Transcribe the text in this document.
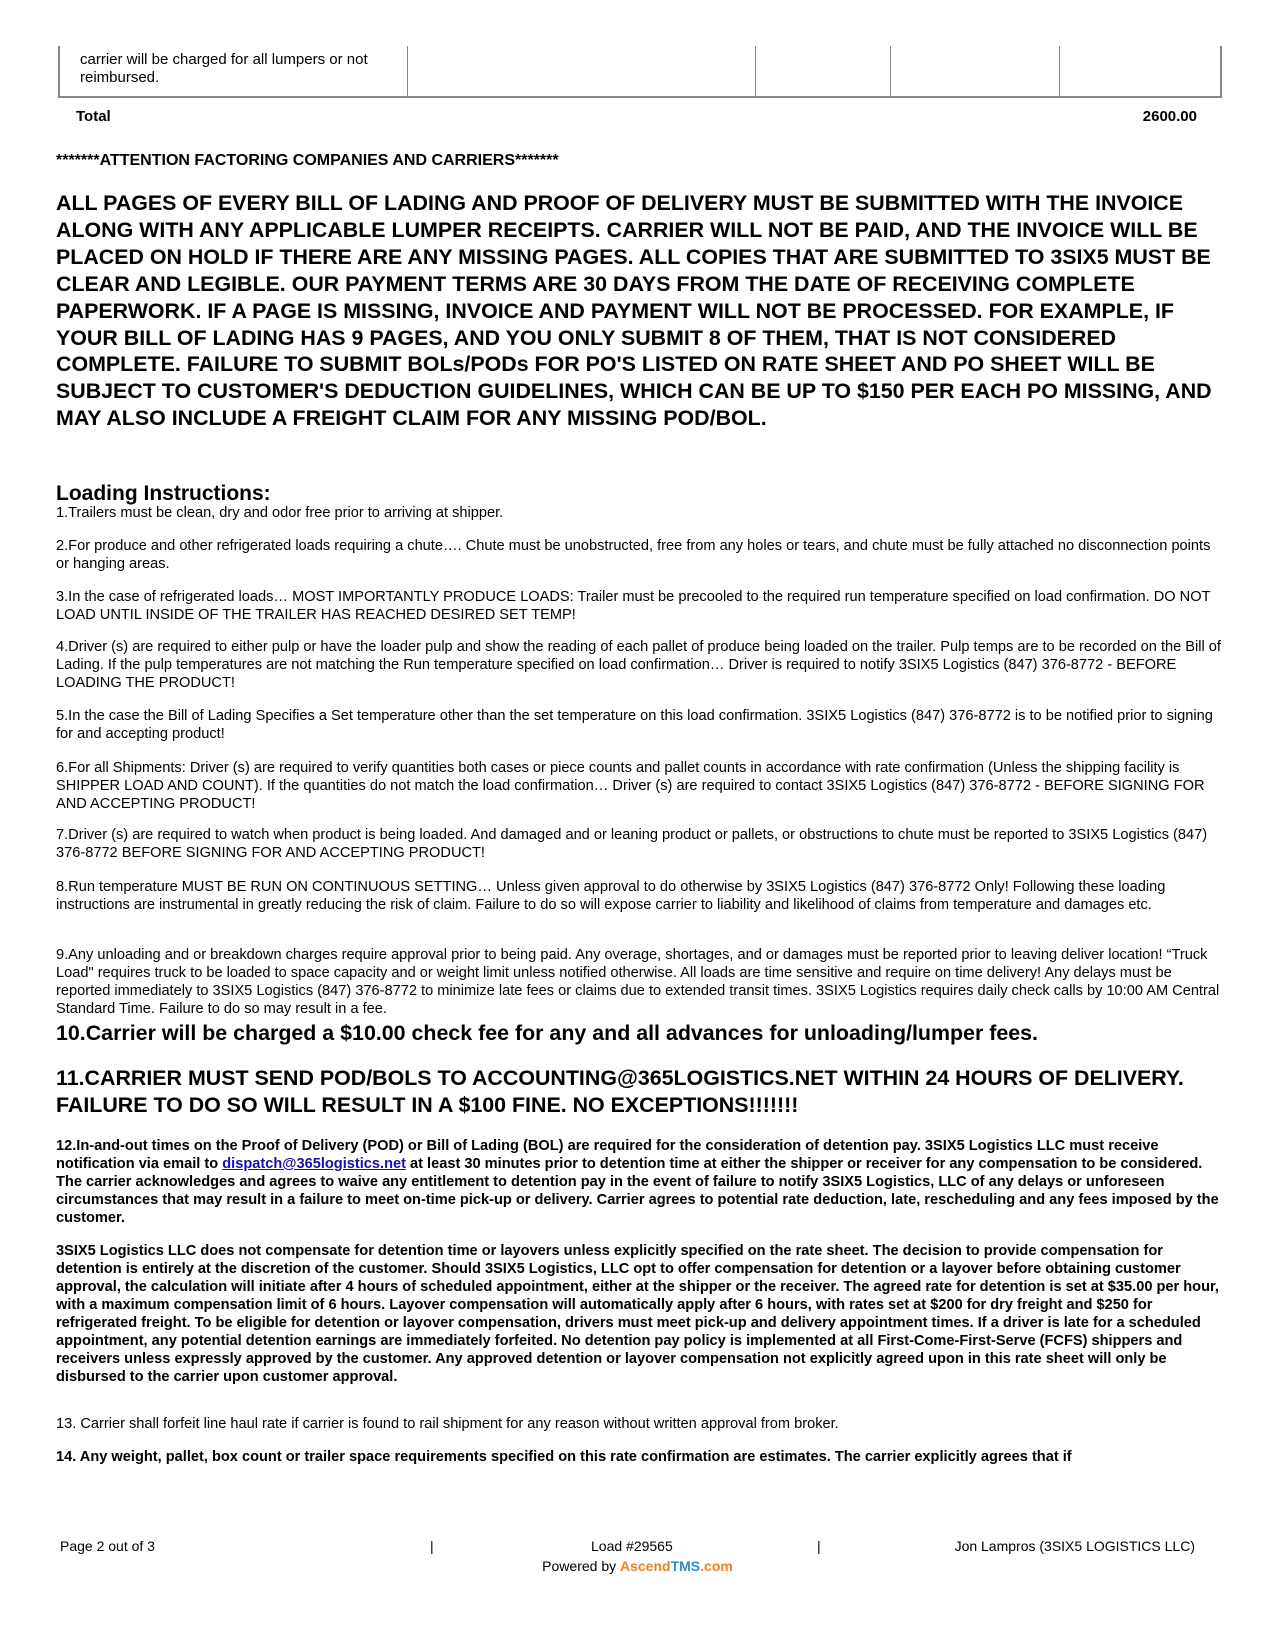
carrier will be charged for all lumpers or not reimbursed.
Total	2600.00
*******ATTENTION FACTORING COMPANIES AND CARRIERS*******
ALL PAGES OF EVERY BILL OF LADING AND PROOF OF DELIVERY MUST BE SUBMITTED WITH THE INVOICE ALONG WITH ANY APPLICABLE LUMPER RECEIPTS. CARRIER WILL NOT BE PAID, AND THE INVOICE WILL BE PLACED ON HOLD IF THERE ARE ANY MISSING PAGES. ALL COPIES THAT ARE SUBMITTED TO 3SIX5 MUST BE CLEAR AND LEGIBLE. OUR PAYMENT TERMS ARE 30 DAYS FROM THE DATE OF RECEIVING COMPLETE PAPERWORK. IF A PAGE IS MISSING, INVOICE AND PAYMENT WILL NOT BE PROCESSED. FOR EXAMPLE, IF YOUR BILL OF LADING HAS 9 PAGES, AND YOU ONLY SUBMIT 8 OF THEM, THAT IS NOT CONSIDERED COMPLETE. FAILURE TO SUBMIT BOLs/PODs FOR PO'S LISTED ON RATE SHEET AND PO SHEET WILL BE SUBJECT TO CUSTOMER'S DEDUCTION GUIDELINES, WHICH CAN BE UP TO $150 PER EACH PO MISSING, AND MAY ALSO INCLUDE A FREIGHT CLAIM FOR ANY MISSING POD/BOL.
Loading Instructions:
1.Trailers must be clean, dry and odor free prior to arriving at shipper.
2.For produce and other refrigerated loads requiring a chute…. Chute must be unobstructed, free from any holes or tears, and chute must be fully attached no disconnection points or hanging areas.
3.In the case of refrigerated loads… MOST IMPORTANTLY PRODUCE LOADS: Trailer must be precooled to the required run temperature specified on load confirmation. DO NOT LOAD UNTIL INSIDE OF THE TRAILER HAS REACHED DESIRED SET TEMP!
4.Driver (s) are required to either pulp or have the loader pulp and show the reading of each pallet of produce being loaded on the trailer. Pulp temps are to be recorded on the Bill of Lading. If the pulp temperatures are not matching the Run temperature specified on load confirmation… Driver is required to notify 3SIX5 Logistics (847) 376-8772 - BEFORE LOADING THE PRODUCT!
5.In the case the Bill of Lading Specifies a Set temperature other than the set temperature on this load confirmation. 3SIX5 Logistics (847) 376-8772 is to be notified prior to signing for and accepting product!
6.For all Shipments: Driver (s) are required to verify quantities both cases or piece counts and pallet counts in accordance with rate confirmation (Unless the shipping facility is SHIPPER LOAD AND COUNT). If the quantities do not match the load confirmation… Driver (s) are required to contact 3SIX5 Logistics (847) 376-8772 - BEFORE SIGNING FOR AND ACCEPTING PRODUCT!
7.Driver (s) are required to watch when product is being loaded. And damaged and or leaning product or pallets, or obstructions to chute must be reported to 3SIX5 Logistics (847) 376-8772 BEFORE SIGNING FOR AND ACCEPTING PRODUCT!
8.Run temperature MUST BE RUN ON CONTINUOUS SETTING… Unless given approval to do otherwise by 3SIX5 Logistics (847) 376-8772 Only! Following these loading instructions are instrumental in greatly reducing the risk of claim. Failure to do so will expose carrier to liability and likelihood of claims from temperature and damages etc.
9.Any unloading and or breakdown charges require approval prior to being paid. Any overage, shortages, and or damages must be reported prior to leaving deliver location! “Truck Load" requires truck to be loaded to space capacity and or weight limit unless notified otherwise. All loads are time sensitive and require on time delivery! Any delays must be reported immediately to 3SIX5 Logistics (847) 376-8772 to minimize late fees or claims due to extended transit times. 3SIX5 Logistics requires daily check calls by 10:00 AM Central Standard Time. Failure to do so may result in a fee.
10.Carrier will be charged a $10.00 check fee for any and all advances for unloading/lumper fees.
11.CARRIER MUST SEND POD/BOLS TO ACCOUNTING@365LOGISTICS.NET WITHIN 24 HOURS OF DELIVERY. FAILURE TO DO SO WILL RESULT IN A $100 FINE. NO EXCEPTIONS!!!!!!!
12.In-and-out times on the Proof of Delivery (POD) or Bill of Lading (BOL) are required for the consideration of detention pay. 3SIX5 Logistics LLC must receive notification via email to dispatch@365logistics.net at least 30 minutes prior to detention time at either the shipper or receiver for any compensation to be considered. The carrier acknowledges and agrees to waive any entitlement to detention pay in the event of failure to notify 3SIX5 Logistics, LLC of any delays or unforeseen circumstances that may result in a failure to meet on-time pick-up or delivery. Carrier agrees to potential rate deduction, late, rescheduling and any fees imposed by the customer.
3SIX5 Logistics LLC does not compensate for detention time or layovers unless explicitly specified on the rate sheet. The decision to provide compensation for detention is entirely at the discretion of the customer. Should 3SIX5 Logistics, LLC opt to offer compensation for detention or a layover before obtaining customer approval, the calculation will initiate after 4 hours of scheduled appointment, either at the shipper or the receiver. The agreed rate for detention is set at $35.00 per hour, with a maximum compensation limit of 6 hours. Layover compensation will automatically apply after 6 hours, with rates set at $200 for dry freight and $250 for refrigerated freight. To be eligible for detention or layover compensation, drivers must meet pick-up and delivery appointment times. If a driver is late for a scheduled appointment, any potential detention earnings are immediately forfeited. No detention pay policy is implemented at all First-Come-First-Serve (FCFS) shippers and receivers unless expressly approved by the customer. Any approved detention or layover compensation not explicitly agreed upon in this rate sheet will only be disbursed to the carrier upon customer approval.
13. Carrier shall forfeit line haul rate if carrier is found to rail shipment for any reason without written approval from broker.
14. Any weight, pallet, box count or trailer space requirements specified on this rate confirmation are estimates. The carrier explicitly agrees that if
Page 2 out of 3	|	Load #29565	|	Jon Lampros (3SIX5 LOGISTICS LLC)
Powered by AscendTMS.com
